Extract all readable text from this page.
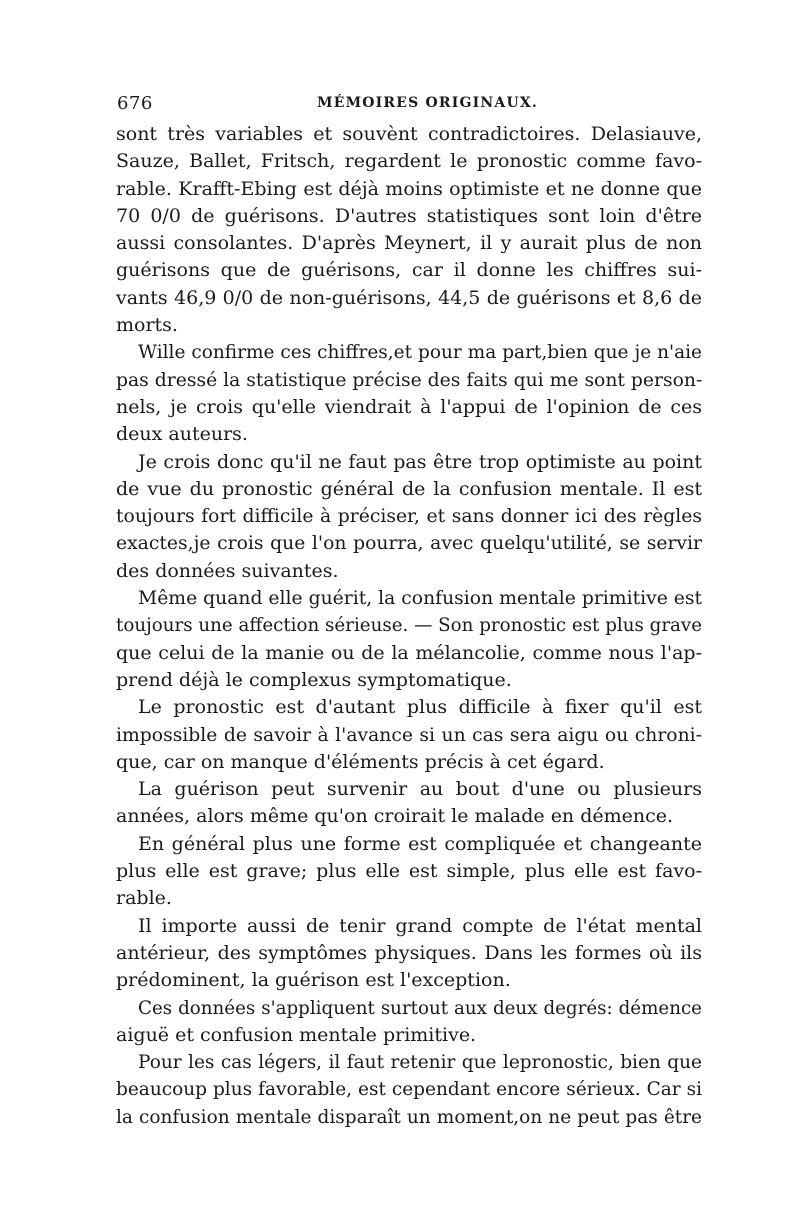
676	MÉMOIRES ORIGINAUX.
sont très variables et souvènt contradictoires. Delasiauve,
Sauze, Ballet, Fritsch, regardent le pronostic comme favo-
rable. Krafft-Ebing est déjà moins optimiste et ne donne que
70 0/0 de guérisons. D'autres statistiques sont loin d'être
aussi consolantes. D'après Meynert, il y aurait plus de non
guérisons que de guérisons, car il donne les chiffres sui-
vants 46,9 0/0 de non-guérisons, 44,5 de guérisons et 8,6 de
morts.
Wille confirme ces chiffres,et pour ma part,bien que je n'aie
pas dressé la statistique précise des faits qui me sont person-
nels, je crois qu'elle viendrait à l'appui de l'opinion de ces
deux auteurs.
Je crois donc qu'il ne faut pas être trop optimiste au point
de vue du pronostic général de la confusion mentale. Il est
toujours fort difficile à préciser, et sans donner ici des règles
exactes,je crois que l'on pourra, avec quelqu'utilité, se servir
des données suivantes.
Même quand elle guérit, la confusion mentale primitive est
toujours une affection sérieuse. — Son pronostic est plus grave
que celui de la manie ou de la mélancolie, comme nous l'ap-
prend déjà le complexus symptomatique.
Le pronostic est d'autant plus difficile à fixer qu'il est
impossible de savoir à l'avance si un cas sera aigu ou chroni-
que, car on manque d'éléments précis à cet égard.
La guérison peut survenir au bout d'une ou plusieurs
années, alors même qu'on croirait le malade en démence.
En général plus une forme est compliquée et changeante
plus elle est grave; plus elle est simple, plus elle est favo-
rable.
Il importe aussi de tenir grand compte de l'état mental
antérieur, des symptômes physiques. Dans les formes où ils
prédominent, la guérison est l'exception.
Ces données s'appliquent surtout aux deux degrés: démence
aiguë et confusion mentale primitive.
Pour les cas légers, il faut retenir que lepronostic, bien que
beaucoup plus favorable, est cependant encore sérieux. Car si
la confusion mentale disparaît un moment,on ne peut pas être
